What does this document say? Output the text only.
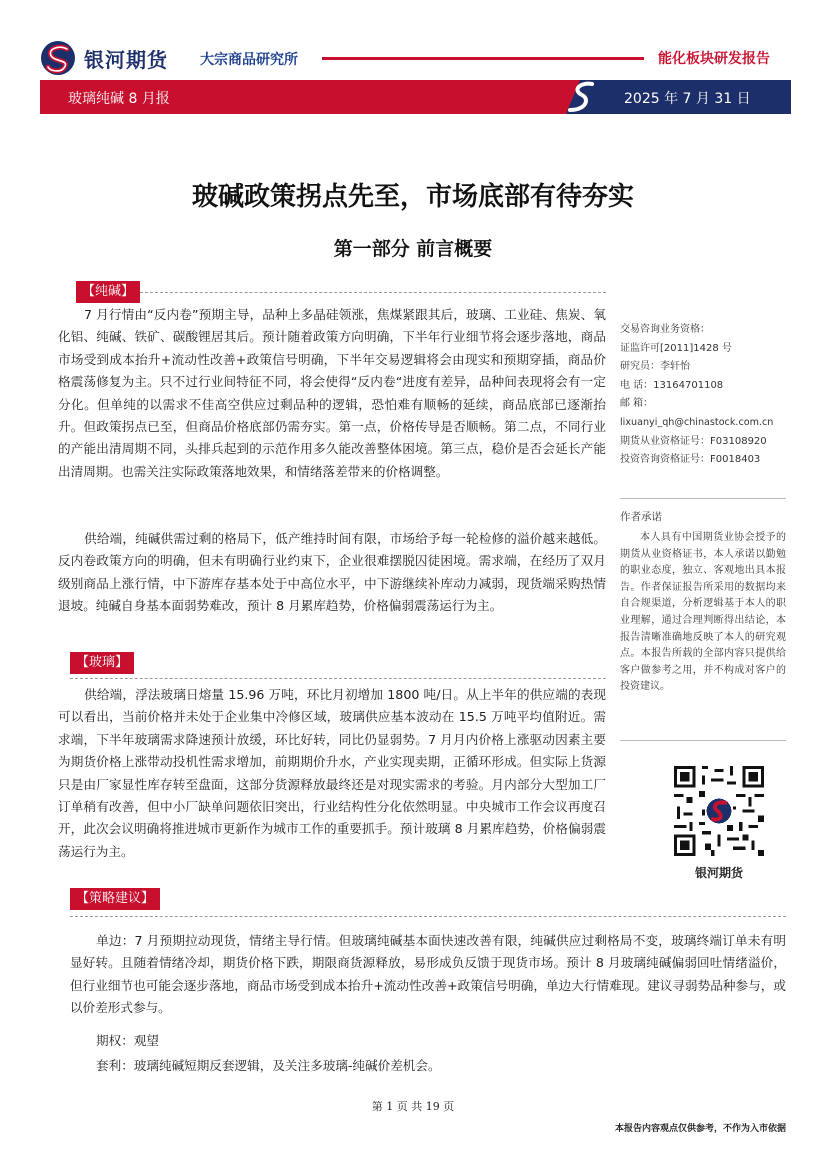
银河期货 大宗商品研究所	能化板块研发报告
玻璃纯碱 8 月报	2025 年 7 月 31 日
玻碱政策拐点先至，市场底部有待夯实
第一部分 前言概要
【纯碱】
7 月行情由“反内卷”预期主导，品种上多晶硅领涨，焦煤紧跟其后，玻璃、工业硅、焦炭、氧化铝、纯碱、铁矿、碳酸锂居其后。预计随着政策方向明确，下半年行业细节将会逐步落地，商品市场受到成本抬升+流动性改善+政策信号明确，下半年交易逻辑将会由现实和预期穿插，商品价格震荡修复为主。只不过行业间特征不同，将会使得“反内卷“进度有差异，品种间表现将会有一定分化。但单纯的以需求不佳高空供应过剩品种的逻辑，恐怕难有顺畅的延续，商品底部已逐渐抬升。但政策拐点已至，但商品价格底部仍需夯实。第一点，价格传导是否顺畅。第二点，不同行业的产能出清周期不同，头排兵起到的示范作用多久能改善整体困境。第三点，稳价是否会延长产能出清周期。也需关注实际政策落地效果，和情绪落差带来的价格调整。
供给端，纯碱供需过剩的格局下，低产维持时间有限，市场给予每一轮检修的溢价越来越低。反内卷政策方向的明确，但未有明确行业约束下，企业很难摆脱囚徒困境。需求端，在经历了双月级别商品上涨行情，中下游库存基本处于中高位水平，中下游继续补库动力减弱，现货端采购热情退坡。纯碱自身基本面弱势难改，预计 8 月累库趋势，价格偏弱震荡运行为主。
【玻璃】
供给端，浮法玻璃日熔量 15.96 万吨，环比月初增加 1800 吨/日。从上半年的供应端的表现可以看出，当前价格并未处于企业集中冷修区域，玻璃供应基本波动在 15.5 万吨平均值附近。需求端，下半年玻璃需求降速预计放缓，环比好转，同比仍显弱势。7 月月内价格上涨驱动因素主要为期货价格上涨带动投机性需求增加，前期期价升水，产业实现卖期，正循环形成。但实际上货源只是由厂家显性库存转至盘面，这部分货源释放最终还是对现实需求的考验。月内部分大型加工厂订单稍有改善，但中小厂缺单问题依旧突出，行业结构性分化依然明显。中央城市工作会议再度召开，此次会议明确将推进城市更新作为城市工作的重要抓手。预计玻璃 8 月累库趋势，价格偏弱震荡运行为主。
【策略建议】
单边：7 月预期拉动现货，情绪主导行情。但玻璃纯碱基本面快速改善有限，纯碱供应过剩格局不变，玻璃终端订单未有明显好转。且随着情绪冷却，期货价格下跌，期限商货源释放，易形成负反馈于现货市场。预计 8 月玻璃纯碱偏弱回吐情绪溢价，但行业细节也可能会逐步落地，商品市场受到成本抬升+流动性改善+政策信号明确，单边大行情难现。建议寻弱势品种参与，或以价差形式参与。
期权：观望
套利：玻璃纯碱短期反套逻辑，及关注多玻璃-纯碱价差机会。
交易咨询业务资格：
证监许可[2011]1428 号
研究员：李轩怡
电 话：13164701108
邮 箱：
lixuanyi_qh@chinastock.com.cn
期货从业资格证号：F03108920
投资咨询资格证号：F0018403
作者承诺
本人具有中国期货业协会授予的期货从业资格证书，本人承诺以勤勉的职业态度，独立、客观地出具本报告。作者保证报告所采用的数据均来自合规渠道，分析逻辑基于本人的职业理解，通过合理判断得出结论，本报告清晰准确地反映了本人的研究观点。本报告所载的全部内容只提供给客户做参考之用，并不构成对客户的投资建议。
银河期货
第 1 页 共 19 页
本报告内容观点仅供参考，不作为入市依据
